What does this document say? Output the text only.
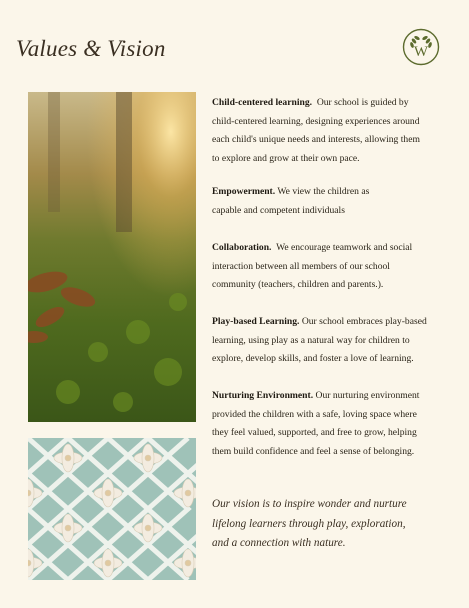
Values & Vision	W

Child-centered learning. Our school is guided by
child-centered learning, designing experiences around
each child's unique needs and interests, allowing them
to explore and grow at their own pace.

Empowerment. We view the children as
capable and competent individuals

Collaboration. We encourage teamwork and social
interaction between all members of our school
community (teachers, children and parents.).

Play-based Learning. Our school embraces play-based
learning, using play as a natural way for children to
explore, develop skills, and foster a love of learning.

Nurturing Environment. Our nurturing environment
provided the children with a safe, loving space where
they feel valued, supported, and free to grow, helping
them build confidence and feel a sense of belonging.

Our vision is to inspire wonder and nurture
lifelong learners through play, exploration,
and a connection with nature.
